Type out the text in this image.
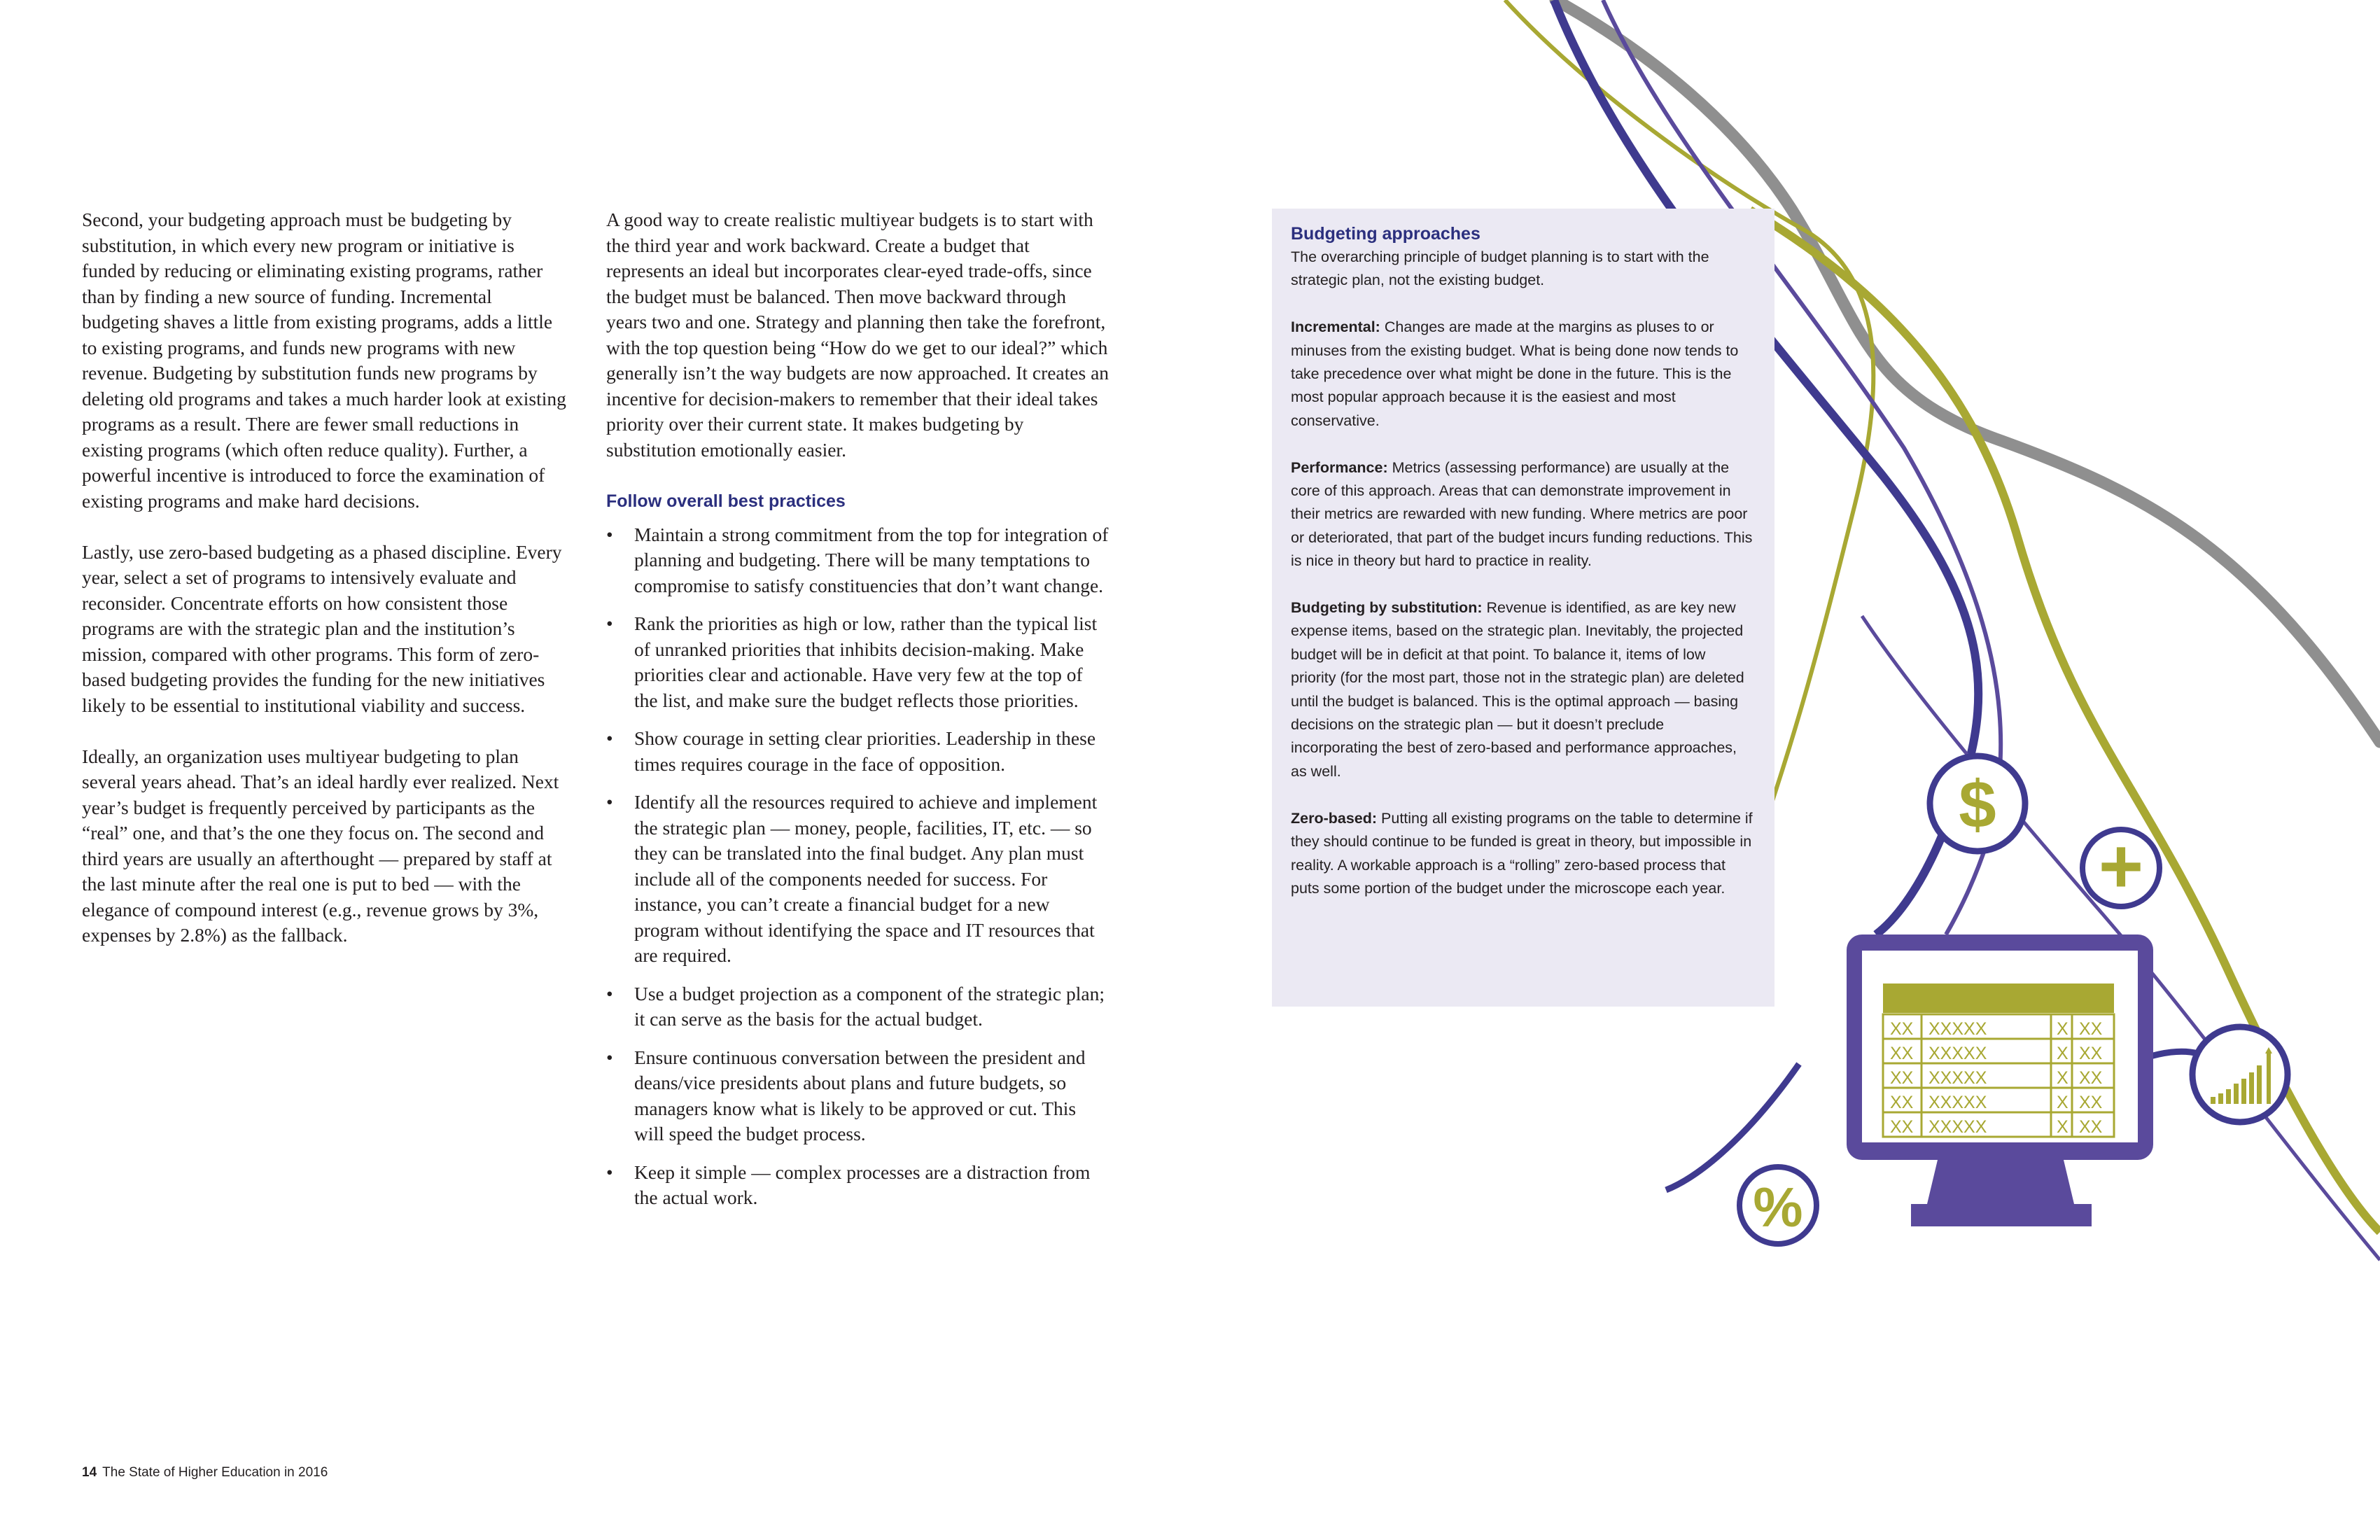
XX XXXXX	X XX
XX XXXXX	X XX
XX XXXXX	X XX
XX XXXXX	X XX
XX XXXXX	X XX
$
+
%

Second, your budgeting approach must be budgeting by substitution, in which every new program or initiative is funded by reducing or eliminating existing programs, rather than by finding a new source of funding. Incremental budgeting shaves a little from existing programs, adds a little to existing programs, and funds new programs with new revenue. Budgeting by substitution funds new programs by deleting old programs and takes a much harder look at existing programs as a result. There are fewer small reductions in existing programs (which often reduce quality). Further, a powerful incentive is introduced to force the examination of existing programs and make hard decisions.

Lastly, use zero-based budgeting as a phased discipline. Every year, select a set of programs to intensively evaluate and reconsider. Concentrate efforts on how consistent those programs are with the strategic plan and the institution’s mission, compared with other programs. This form of zero-based budgeting provides the funding for the new initiatives likely to be essential to institutional viability and success.

Ideally, an organization uses multiyear budgeting to plan several years ahead. That’s an ideal hardly ever realized. Next year’s budget is frequently perceived by participants as the “real” one, and that’s the one they focus on. The second and third years are usually an afterthought — prepared by staff at the last minute after the real one is put to bed — with the elegance of compound interest (e.g., revenue grows by 3%, expenses by 2.8%) as the fallback.

A good way to create realistic multiyear budgets is to start with the third year and work backward. Create a budget that represents an ideal but incorporates clear-eyed trade-offs, since the budget must be balanced. Then move backward through years two and one. Strategy and planning then take the forefront, with the top question being “How do we get to our ideal?” which generally isn’t the way budgets are now approached. It creates an incentive for decision-makers to remember that their ideal takes priority over their current state. It makes budgeting by substitution emotionally easier.

Follow overall best practices
• Maintain a strong commitment from the top for integration of planning and budgeting. There will be many temptations to compromise to satisfy constituencies that don’t want change.
• Rank the priorities as high or low, rather than the typical list of unranked priorities that inhibits decision-making. Make priorities clear and actionable. Have very few at the top of the list, and make sure the budget reflects those priorities.
• Show courage in setting clear priorities. Leadership in these times requires courage in the face of opposition.
• Identify all the resources required to achieve and implement the strategic plan — money, people, facilities, IT, etc. — so they can be translated into the final budget. Any plan must include all of the components needed for success. For instance, you can’t create a financial budget for a new program without identifying the space and IT resources that are required.
• Use a budget projection as a component of the strategic plan; it can serve as the basis for the actual budget.
• Ensure continuous conversation between the president and deans/vice presidents about plans and future budgets, so managers know what is likely to be approved or cut. This will speed the budget process.
• Keep it simple — complex processes are a distraction from the actual work.
Budgeting approaches

The overarching principle of budget planning is to start with the strategic plan, not the existing budget.

Incremental: Changes are made at the margins as pluses to or minuses from the existing budget. What is being done now tends to take precedence over what might be done in the future. This is the most popular approach because it is the easiest and most conservative.

Performance: Metrics (assessing performance) are usually at the core of this approach. Areas that can demonstrate improvement in their metrics are rewarded with new funding. Where metrics are poor or deteriorated, that part of the budget incurs funding reductions. This is nice in theory but hard to practice in reality.

Budgeting by substitution: Revenue is identified, as are key new expense items, based on the strategic plan. Inevitably, the projected budget will be in deficit at that point. To balance it, items of low priority (for the most part, those not in the strategic plan) are deleted until the budget is balanced. This is the optimal approach — basing decisions on the strategic plan — but it doesn’t preclude incorporating the best of zero-based and performance approaches, as well.

Zero-based: Putting all existing programs on the table to determine if they should continue to be funded is great in theory, but impossible in reality. A workable approach is a “rolling” zero-based process that puts some portion of the budget under the microscope each year.

14 The State of Higher Education in 2016
